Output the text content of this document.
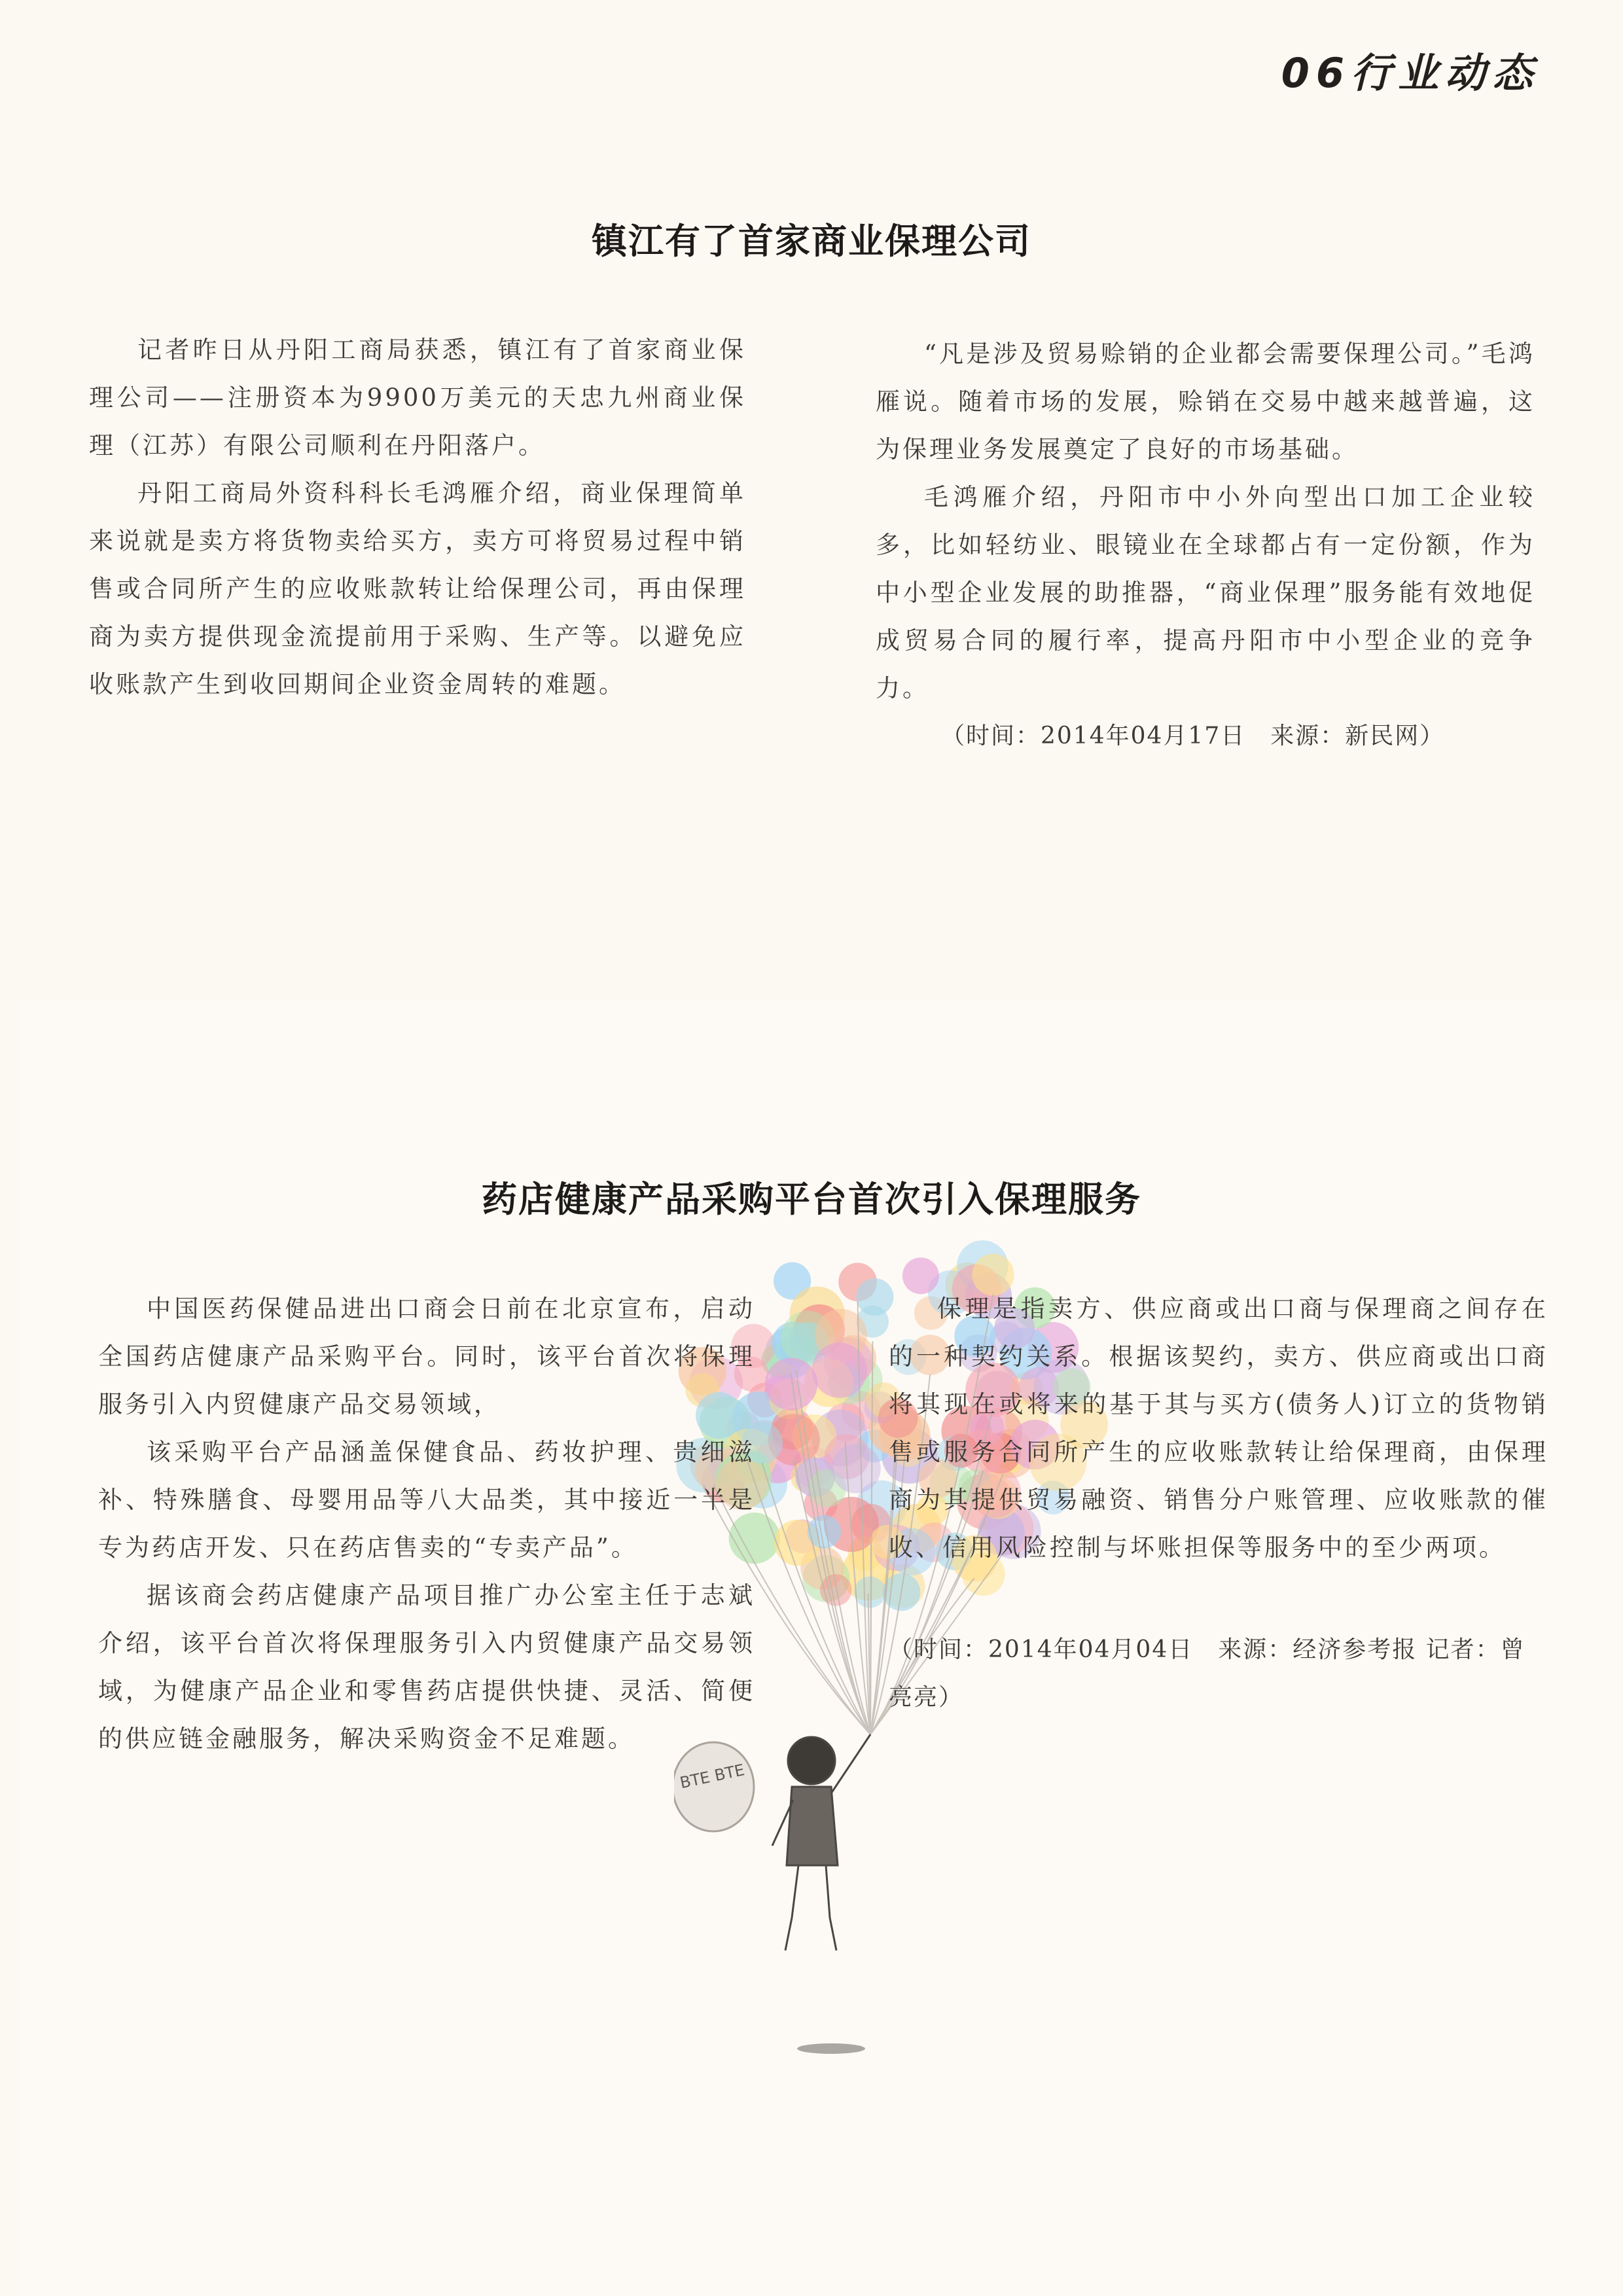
06行业动态
镇江有了首家商业保理公司

记者昨日从丹阳工商局获悉，镇江有了首家商业保理公司——注册资本为9900万美元的天忠九州商业保理（江苏）有限公司顺利在丹阳落户。

丹阳工商局外资科科长毛鸿雁介绍，商业保理简单来说就是卖方将货物卖给买方，卖方可将贸易过程中销售或合同所产生的应收账款转让给保理公司，再由保理商为卖方提供现金流提前用于采购、生产等。以避免应收账款产生到收回期间企业资金周转的难题。

“凡是涉及贸易赊销的企业都会需要保理公司。”毛鸿雁说。随着市场的发展，赊销在交易中越来越普遍，这为保理业务发展奠定了良好的市场基础。

毛鸿雁介绍，丹阳市中小外向型出口加工企业较多，比如轻纺业、眼镜业在全球都占有一定份额，作为中小型企业发展的助推器，“商业保理”服务能有效地促成贸易合同的履行率，提高丹阳市中小型企业的竞争力。

（时间：2014年04月17日　来源：新民网）
BTE BTE
药店健康产品采购平台首次引入保理服务

中国医药保健品进出口商会日前在北京宣布，启动全国药店健康产品采购平台。同时，该平台首次将保理服务引入内贸健康产品交易领域，

该采购平台产品涵盖保健食品、药妆护理、贵细滋补、特殊膳食、母婴用品等八大品类，其中接近一半是专为药店开发、只在药店售卖的“专卖产品”。

据该商会药店健康产品项目推广办公室主任于志斌介绍，该平台首次将保理服务引入内贸健康产品交易领域，为健康产品企业和零售药店提供快捷、灵活、简便的供应链金融服务，解决采购资金不足难题。

保理是指卖方、供应商或出口商与保理商之间存在的一种契约关系。根据该契约，卖方、供应商或出口商将其现在或将来的基于其与买方(债务人)订立的货物销售或服务合同所产生的应收账款转让给保理商，由保理商为其提供贸易融资、销售分户账管理、应收账款的催收、信用风险控制与坏账担保等服务中的至少两项。

（时间：2014年04月04日　来源：经济参考报 记者：曾亮亮）
